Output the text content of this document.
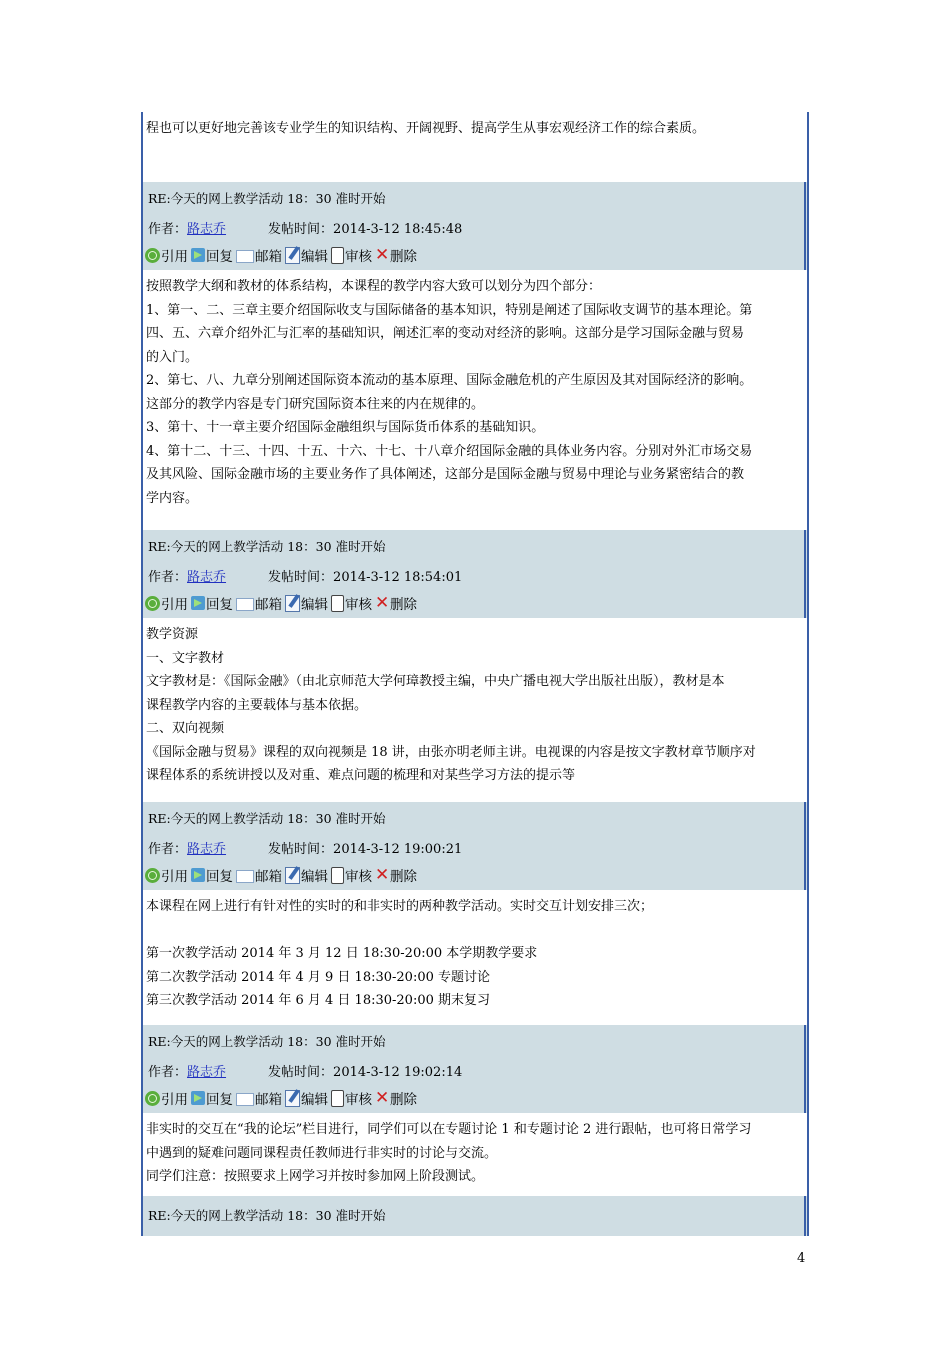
程也可以更好地完善该专业学生的知识结构、开阔视野、提高学生从事宏观经济工作的综合素质。
RE:今天的网上教学活动 18：30 准时开始
作者：路志乔	发帖时间：2014-3-12 18:45:48
引用 回复 邮箱 编辑 审核 ✕ 删除
按照教学大纲和教材的体系结构，本课程的教学内容大致可以划分为四个部分：
1、第一、二、三章主要介绍国际收支与国际储备的基本知识，特别是阐述了国际收支调节的基本理论。第
四、五、六章介绍外汇与汇率的基础知识，阐述汇率的变动对经济的影响。这部分是学习国际金融与贸易
的入门。
2、第七、八、九章分别阐述国际资本流动的基本原理、国际金融危机的产生原因及其对国际经济的影响。
这部分的教学内容是专门研究国际资本往来的内在规律的。
3、第十、十一章主要介绍国际金融组织与国际货币体系的基础知识。
4、第十二、十三、十四、十五、十六、十七、十八章介绍国际金融的具体业务内容。分别对外汇市场交易
及其风险、国际金融市场的主要业务作了具体阐述，这部分是国际金融与贸易中理论与业务紧密结合的教
学内容。
RE:今天的网上教学活动 18：30 准时开始
作者：路志乔	发帖时间：2014-3-12 18:54:01
引用 回复 邮箱 编辑 审核 ✕ 删除
教学资源
一、文字教材
文字教材是：《国际金融》（由北京师范大学何璋教授主编，中央广播电视大学出版社出版），教材是本
课程教学内容的主要载体与基本依据。
二、双向视频
《国际金融与贸易》课程的双向视频是 18 讲，由张亦明老师主讲。电视课的内容是按文字教材章节顺序对
课程体系的系统讲授以及对重、难点问题的梳理和对某些学习方法的提示等
RE:今天的网上教学活动 18：30 准时开始
作者：路志乔	发帖时间：2014-3-12 19:00:21
引用 回复 邮箱 编辑 审核 ✕ 删除
本课程在网上进行有针对性的实时的和非实时的两种教学活动。实时交互计划安排三次；
第一次教学活动 2014 年 3 月 12 日 18:30-20:00 本学期教学要求
第二次教学活动 2014 年 4 月 9 日 18:30-20:00 专题讨论
第三次教学活动 2014 年 6 月 4 日 18:30-20:00 期末复习
RE:今天的网上教学活动 18：30 准时开始
作者：路志乔	发帖时间：2014-3-12 19:02:14
引用 回复 邮箱 编辑 审核 ✕ 删除
非实时的交互在“我的论坛”栏目进行，同学们可以在专题讨论 1 和专题讨论 2 进行跟帖，也可将日常学习
中遇到的疑难问题同课程责任教师进行非实时的讨论与交流。
同学们注意：按照要求上网学习并按时参加网上阶段测试。
RE:今天的网上教学活动 18：30 准时开始
4
